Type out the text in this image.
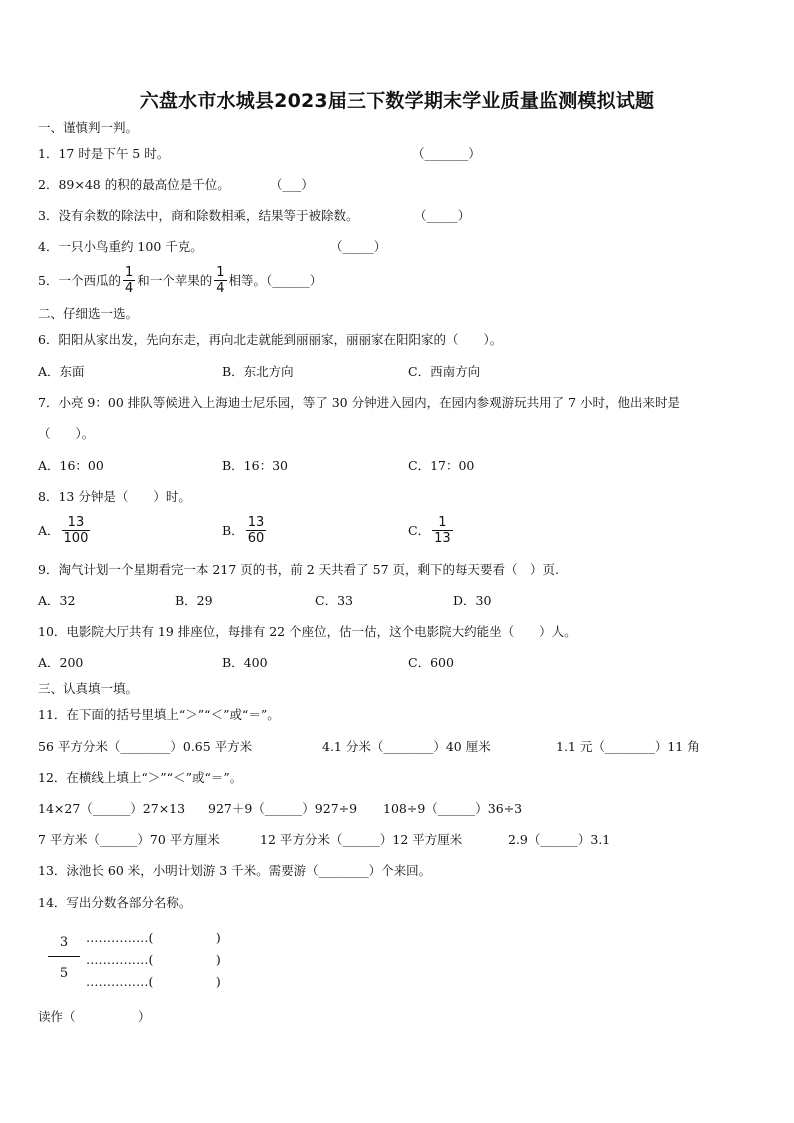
六盘水市水城县2023届三下数学期末学业质量监测模拟试题
一、谨慎判一判。
1．17 时是下午 5 时。	（_______）
2．89×48 的积的最高位是千位。	（___）
3．没有余数的除法中，商和除数相乘，结果等于被除数。	（_____）
4．一只小鸟重约 100 千克。	（_____）
5．一个西瓜的 $\frac{1}{4}$ 和一个苹果的 $\frac{1}{4}$ 相等。（______）
二、仔细选一选。
6．阳阳从家出发，先向东走，再向北走就能到丽丽家，丽丽家在阳阳家的（　　）。
A．东面	B．东北方向	C．西南方向
7．小亮 9：00 排队等候进入上海迪士尼乐园，等了 30 分钟进入园内，在园内参观游玩共用了 7 小时，他出来时是
（　　）。
A．16：00	B．16：30	C．17：00
8．13 分钟是（　　）时。
A． $\frac{13}{100}$	B． $\frac{13}{60}$	C． $\frac{1}{13}$
9．淘气计划一个星期看完一本 217 页的书，前 2 天共看了 57 页，剩下的每天要看（　）页.
A．32	B．29	C．33	D．30
10．电影院大厅共有 19 排座位，每排有 22 个座位，估一估，这个电影院大约能坐（　　）人。
A．200	B．400	C．600
三、认真填一填。
11．在下面的括号里填上“＞”“＜”或“＝”。
56 平方分米（________）0.65 平方米	4.1 分米（________）40 厘米	1.1 元（________）11 角
12．在横线上填上“＞”“＜”或“＝”。
14×27（______）27×13 927＋9（______）927÷9 108÷9（______）36÷3
7 平方米（______）70 平方厘米	12 平方分米（______）12 平方厘米	2.9（______）3.1
13．泳池长 60 米，小明计划游 3 千米。需要游（________）个来回。
14．写出分数各部分名称。
3
5
……………(　　　　　)
……………(　　　　　)
……………(　　　　　)
读作（　　　　　）
